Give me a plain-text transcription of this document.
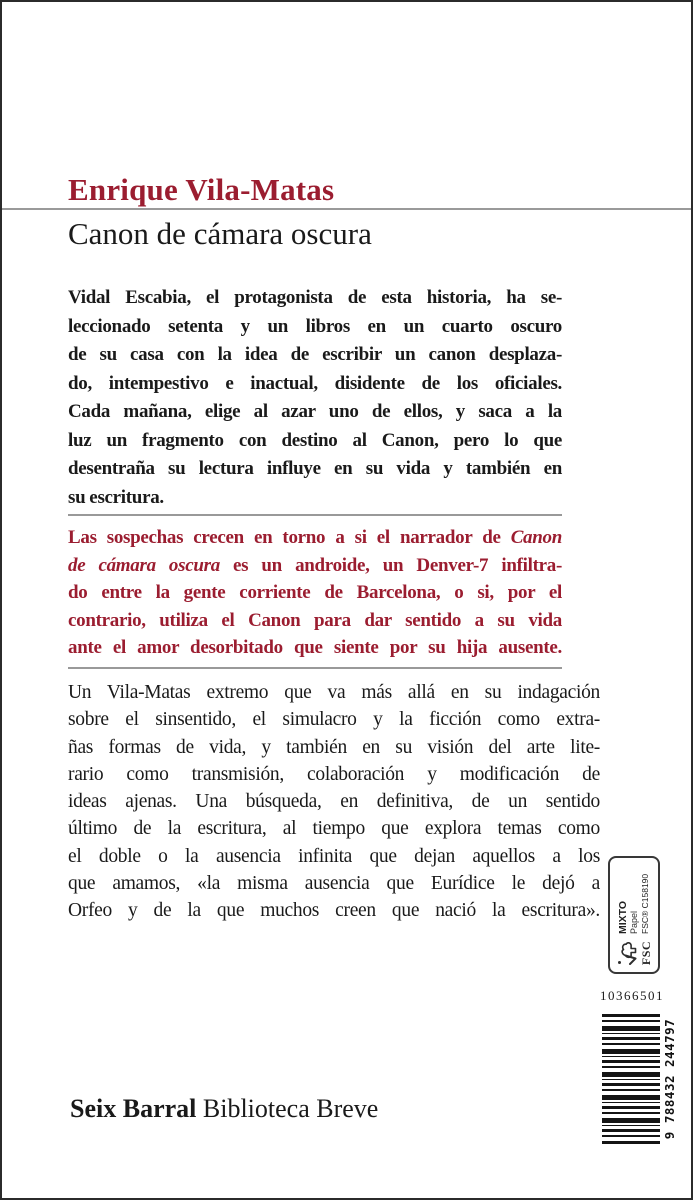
Enrique Vila-Matas
Canon de cámara oscura
Vidal Escabia, el protagonista de esta historia, ha se-
leccionado setenta y un libros en un cuarto oscuro
de su casa con la idea de escribir un canon desplaza-
do, intempestivo e inactual, disidente de los oficiales.
Cada mañana, elige al azar uno de ellos, y saca a la
luz un fragmento con destino al Canon, pero lo que
desentraña su lectura influye en su vida y también en
su escritura.
Las sospechas crecen en torno a si el narrador de Canon
de cámara oscura es un androide, un Denver-7 infiltra-
do entre la gente corriente de Barcelona, o si, por el
contrario, utiliza el Canon para dar sentido a su vida
ante el amor desorbitado que siente por su hija ausente.
Un Vila-Matas extremo que va más allá en su indagación
sobre el sinsentido, el simulacro y la ficción como extra-
ñas formas de vida, y también en su visión del arte lite-
rario como transmisión, colaboración y modificación de
ideas ajenas. Una búsqueda, en definitiva, de un sentido
último de la escritura, al tiempo que explora temas como
el doble o la ausencia infinita que dejan aquellos a los
que amamos, «la misma ausencia que Eurídice le dejó a
Orfeo y de la que muchos creen que nació la escritura».
FSC
MIXTO Papel FSC® C158190
10366501
9 788432 244797
Seix Barral Biblioteca Breve
